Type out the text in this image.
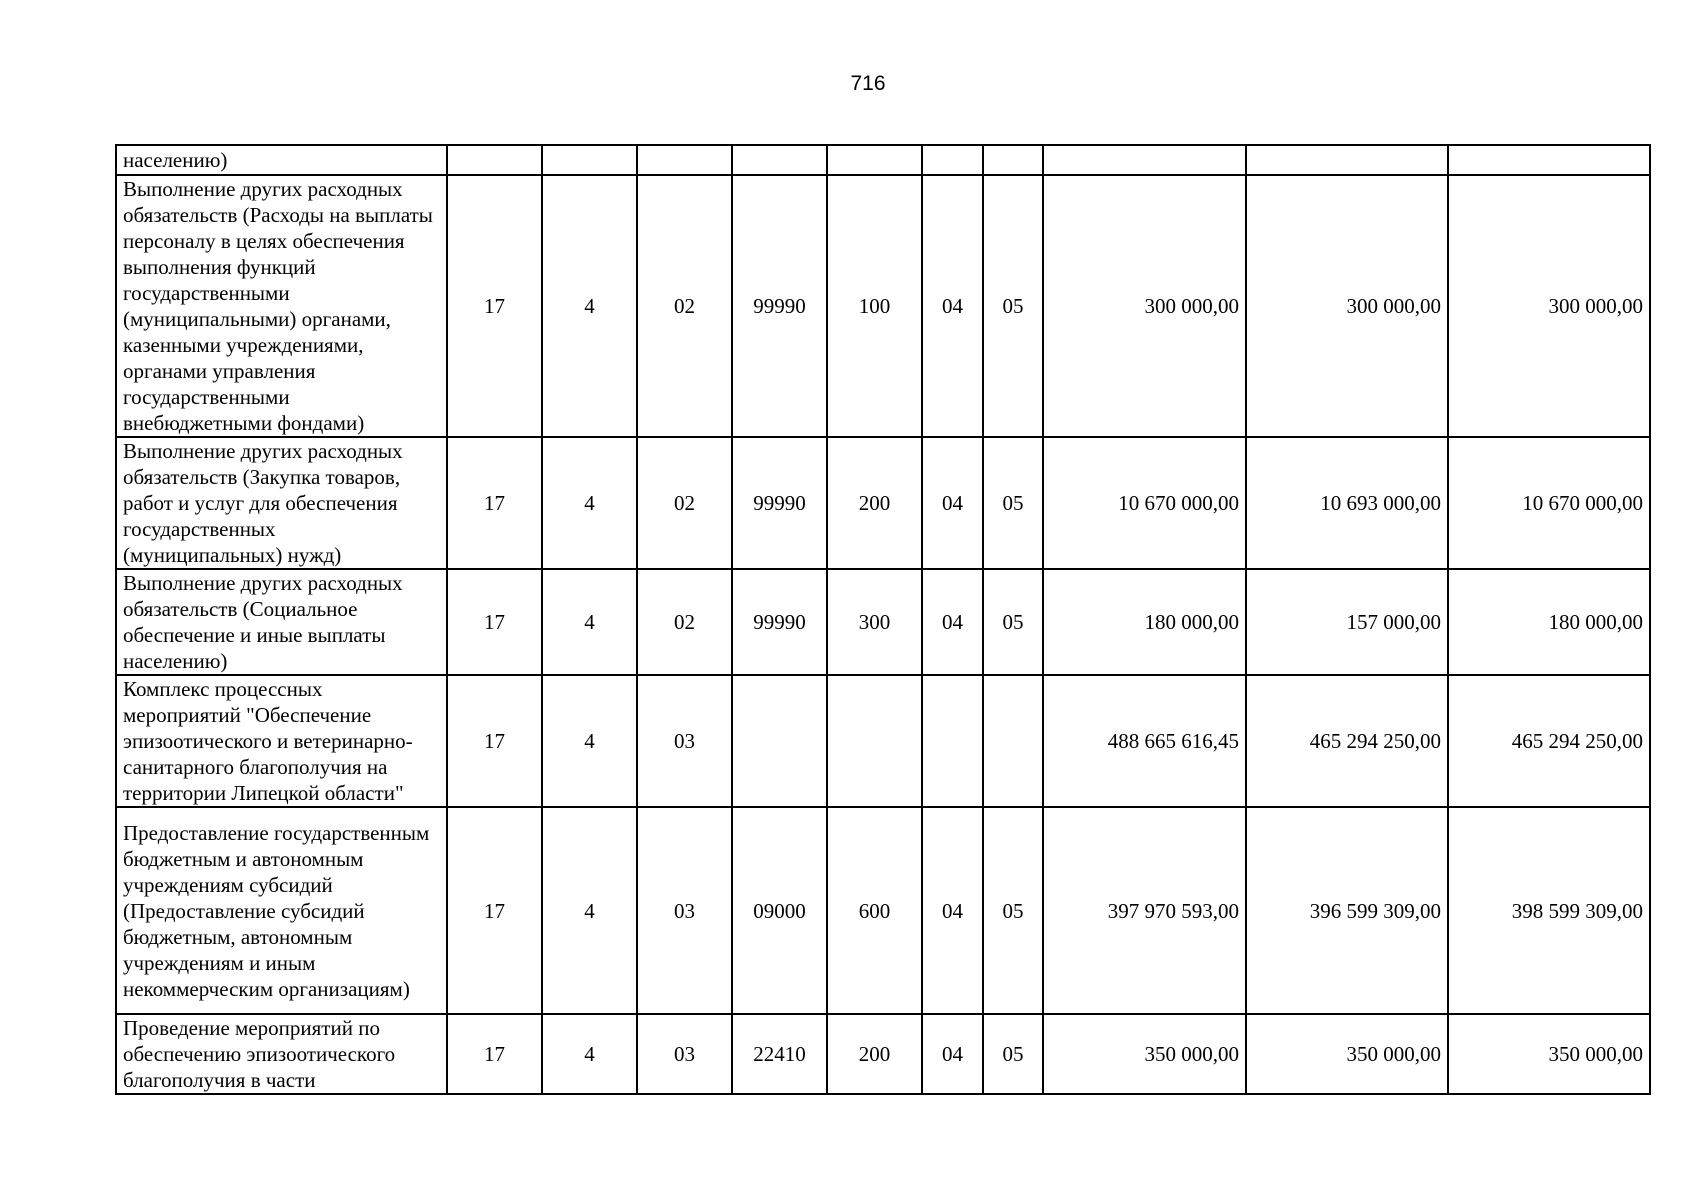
716
населению)										
Выполнение других расходных обязательств (Расходы на выплаты персоналу в целях обеспечения выполнения функций государственными (муниципальными) органами, казенными учреждениями, органами управления государственными внебюджетными фондами)	17	4	02	99990	100	04	05	300 000,00	300 000,00	300 000,00
Выполнение других расходных обязательств (Закупка товаров, работ и услуг для обеспечения государственных (муниципальных) нужд)	17	4	02	99990	200	04	05	10 670 000,00	10 693 000,00	10 670 000,00
Выполнение других расходных обязательств (Социальное обеспечение и иные выплаты населению)	17	4	02	99990	300	04	05	180 000,00	157 000,00	180 000,00
Комплекс процессных мероприятий "Обеспечение эпизоотического и ветеринарно-санитарного благополучия на территории Липецкой области"	17	4	03					488 665 616,45	465 294 250,00	465 294 250,00
Предоставление государственным бюджетным и автономным учреждениям субсидий (Предоставление субсидий бюджетным, автономным учреждениям и иным некоммерческим организациям)	17	4	03	09000	600	04	05	397 970 593,00	396 599 309,00	398 599 309,00
Проведение мероприятий по обеспечению эпизоотического благополучия в части	17	4	03	22410	200	04	05	350 000,00	350 000,00	350 000,00
